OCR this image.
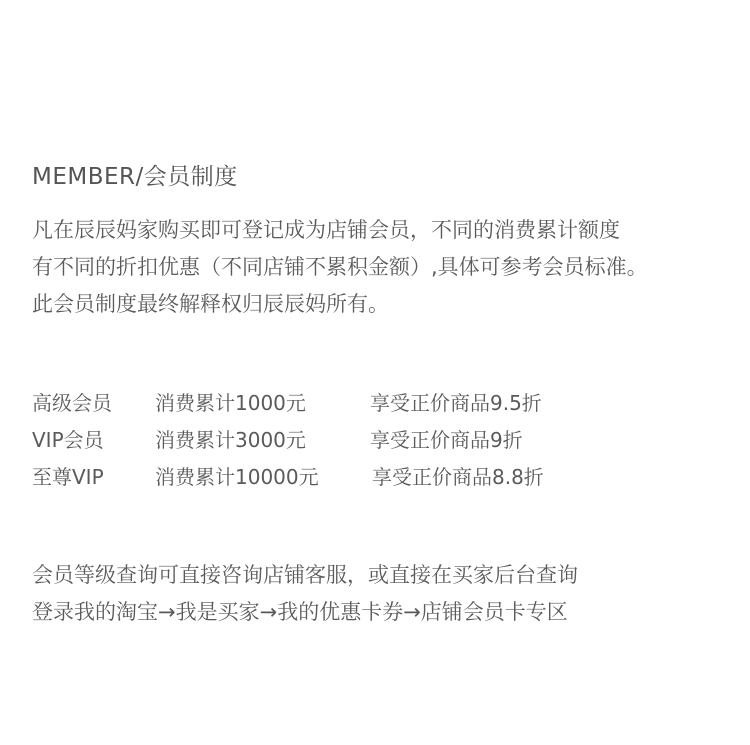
MEMBER/会员制度
凡在辰辰妈家购买即可登记成为店铺会员，不同的消费累计额度
有不同的折扣优惠（不同店铺不累积金额）,具体可参考会员标准。
此会员制度最终解释权归辰辰妈所有。
高级会员 消费累计1000元	享受正价商品9.5折
VIP会员	消费累计3000元	享受正价商品9折
至尊VIP	消费累计10000元	享受正价商品8.8折
会员等级查询可直接咨询店铺客服，或直接在买家后台查询
登录我的淘宝→我是买家→我的优惠卡券→店铺会员卡专区
